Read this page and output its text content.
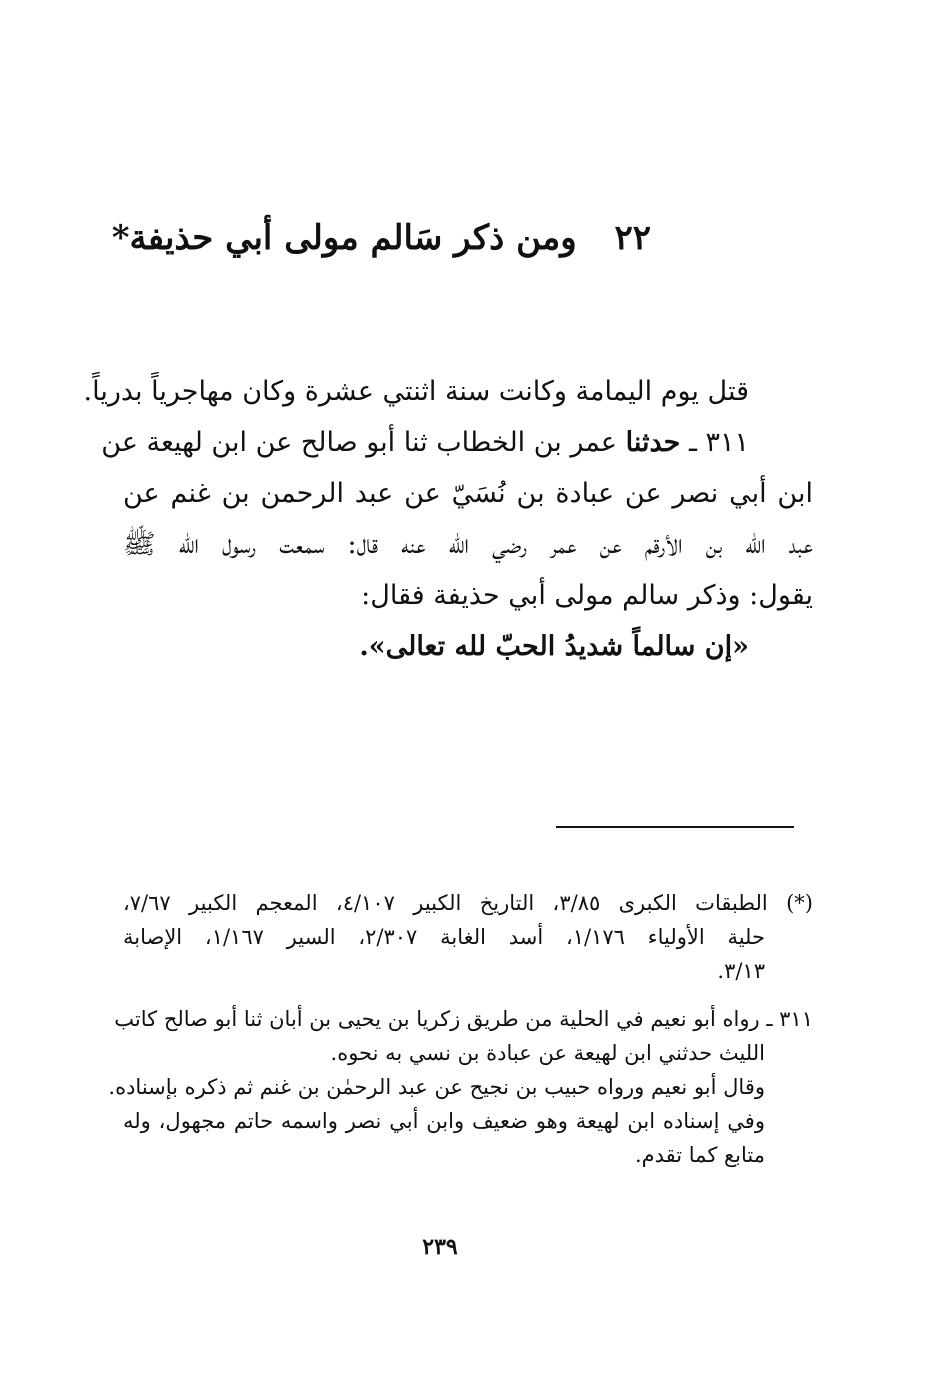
٢٢ ومن ذكر سَالم مولى أبي حذيفة*
قتل يوم اليمامة وكانت سنة اثنتي عشرة وكان مهاجرياً بدرياً.
٣١١ ـ حدثنا عمر بن الخطاب ثنا أبو صالح عن ابن لهيعة عن
ابن أبي نصر عن عبادة بن نُسَيّ عن عبد الرحمن بن غنم عن
عبد الله بن الأرقم عن عمر رضي الله عنه قال: سمعت رسول الله ﷺ
يقول: وذكر سالم مولى أبي حذيفة فقال:
«إن سالماً شديدُ الحبّ لله تعالى».
(*) الطبقات الكبرى ٣/٨٥، التاريخ الكبير ٤/١٠٧، المعجم الكبير ٧/٦٧،
حلية الأولياء ١/١٧٦، أسد الغابة ٢/٣٠٧، السير ١/١٦٧، الإصابة
٣/١٣.
٣١١ ـ رواه أبو نعيم في الحلية من طريق زكريا بن يحيى بن أبان ثنا أبو صالح كاتب
الليث حدثني ابن لهيعة عن عبادة بن نسي به نحوه.
وقال أبو نعيم ورواه حبيب بن نجيح عن عبد الرحمٰن بن غنم ثم ذكره بإسناده.
وفي إسناده ابن لهيعة وهو ضعيف وابن أبي نصر واسمه حاتم مجهول، وله
متابع كما تقدم.
٢٣٩
